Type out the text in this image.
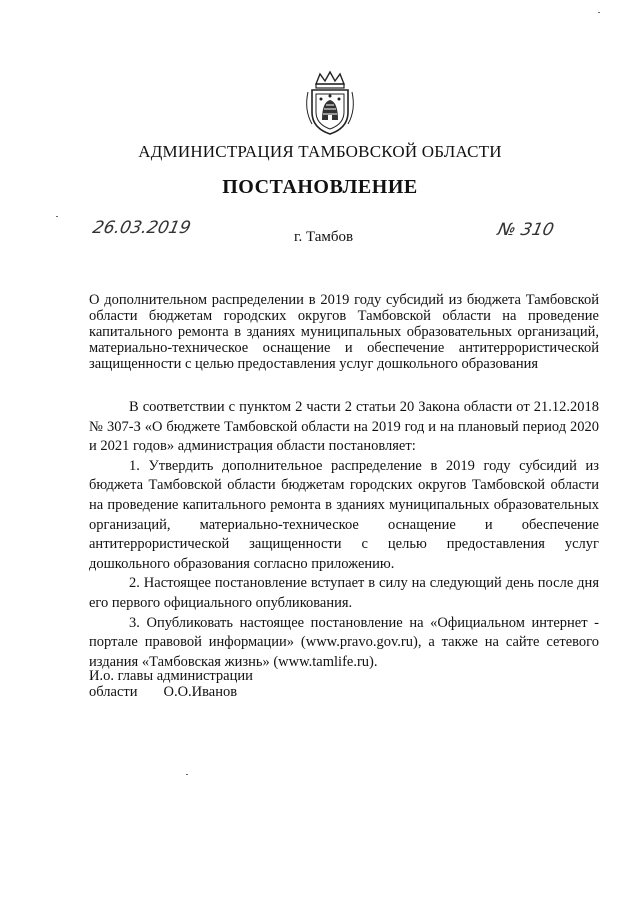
АДМИНИСТРАЦИЯ ТАМБОВСКОЙ ОБЛАСТИ
ПОСТАНОВЛЕНИЕ
26.03.2019	г. Тамбов	№ 310
О дополнительном распределении в 2019 году субсидий из бюджета Тамбовской области бюджетам городских округов Тамбовской области на проведение капитального ремонта в зданиях муниципальных образовательных организаций, материально-техническое оснащение и обеспечение антитеррористической защищенности с целью предоставления услуг дошкольного образования

В соответствии с пунктом 2 части 2 статьи 20 Закона области от 21.12.2018 № 307-З «О бюджете Тамбовской области на 2019 год и на плановый период 2020 и 2021 годов» администрация области постановляет:

1. Утвердить дополнительное распределение в 2019 году субсидий из бюджета Тамбовской области бюджетам городских округов Тамбовской области на проведение капитального ремонта в зданиях муниципальных образовательных организаций, материально-техническое оснащение и обеспечение антитеррористической защищенности с целью предоставления услуг дошкольного образования согласно приложению.

2. Настоящее постановление вступает в силу на следующий день после дня его первого официального опубликования.

3. Опубликовать настоящее постановление на «Официальном интернет - портале правовой информации» (www.pravo.gov.ru), а также на сайте сетевого издания «Тамбовская жизнь» (www.tamlife.ru).

И.о. главы администрации
области О.О.Иванов
